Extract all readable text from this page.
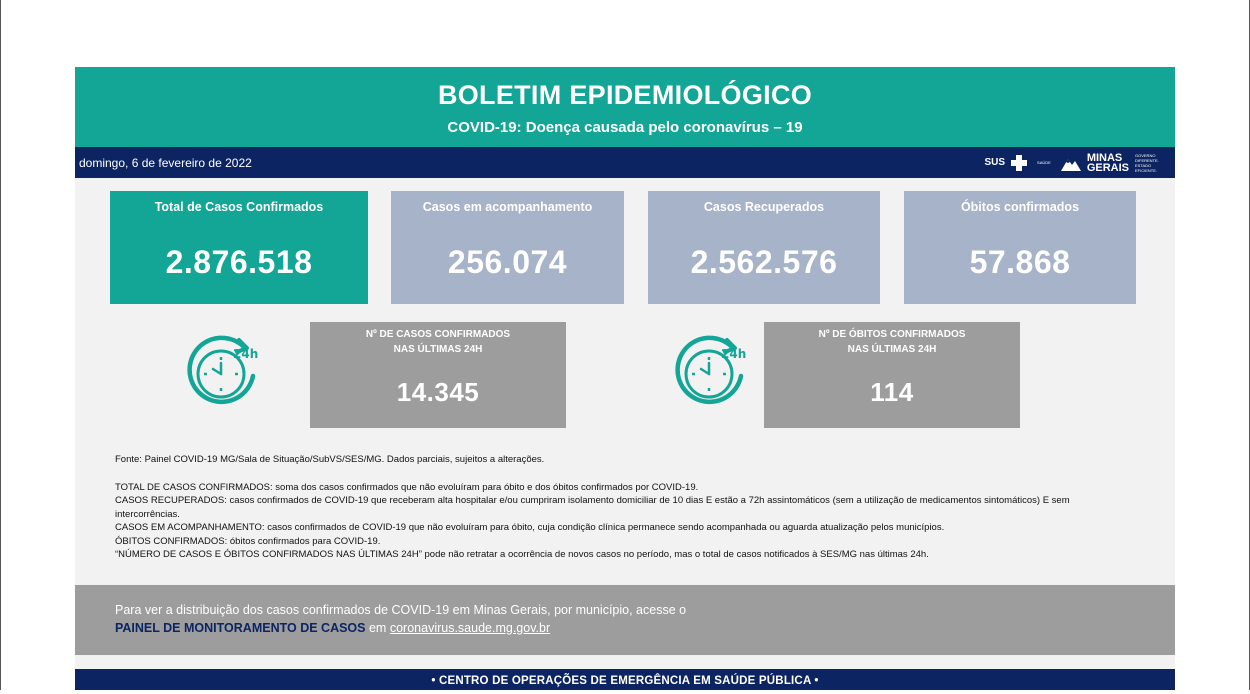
BOLETIM EPIDEMIOLÓGICO
COVID-19: Doença causada pelo coronavírus – 19
domingo, 6 de fevereiro de 2022	SUS	SAÚDE	MINAS
GERAIS
GOVERNO DIFERENTE. ESTADO EFICIENTE.
Total de Casos Confirmados
2.876.518
Casos em acompanhamento
256.074
Casos Recuperados
2.562.576
Óbitos confirmados
57.868
24h
Nº DE CASOS CONFIRMADOS
NAS ÚLTIMAS 24H
14.345
24h
Nº DE ÓBITOS CONFIRMADOS
NAS ÚLTIMAS 24H
114

Fonte: Painel COVID-19 MG/Sala de Situação/SubVS/SES/MG. Dados parciais, sujeitos a alterações.

TOTAL DE CASOS CONFIRMADOS: soma dos casos confirmados que não evoluíram para óbito e dos óbitos confirmados por COVID-19.

CASOS RECUPERADOS: casos confirmados de COVID-19 que receberam alta hospitalar e/ou cumpriram isolamento domiciliar de 10 dias E estão a 72h assintomáticos (sem a utilização de medicamentos sintomáticos) E sem intercorrências.

CASOS EM ACOMPANHAMENTO: casos confirmados de COVID-19 que não evoluíram para óbito, cuja condição clínica permanece sendo acompanhada ou aguarda atualização pelos municípios.

ÓBITOS CONFIRMADOS: óbitos confirmados para COVID-19.

“NÚMERO DE CASOS E ÓBITOS CONFIRMADOS NAS ÚLTIMAS 24H” pode não retratar a ocorrência de novos casos no período, mas o total de casos notificados à SES/MG nas últimas 24h.

Para ver a distribuição dos casos confirmados de COVID-19 em Minas Gerais, por município, acesse o
PAINEL DE MONITORAMENTO DE CASOS em coronavirus.saude.mg.gov.br
• CENTRO DE OPERAÇÕES DE EMERGÊNCIA EM SAÚDE PÚBLICA •
